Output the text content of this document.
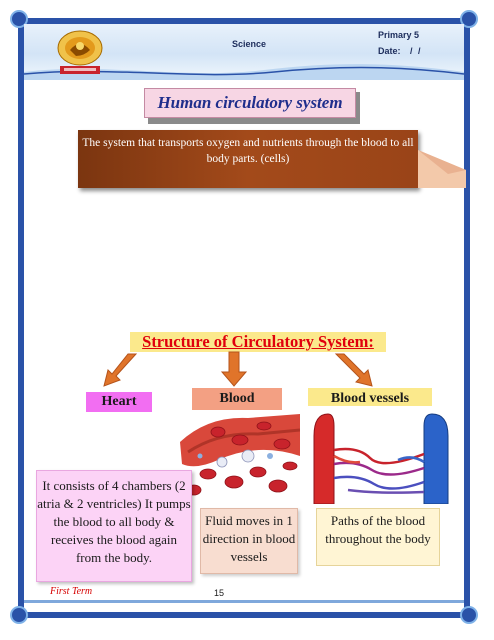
Science
Primary 5
Date: / /
Human circulatory system
The system that transports oxygen and nutrients through the blood to all body parts. (cells)
Structure of Circulatory System:
Heart	Blood	Blood vessels
It consists of 4 chambers (2 atria & 2 ventricles) It pumps the blood to all body & receives the blood again from the body.
Fluid moves in 1 direction in blood vessels
Paths of the blood throughout the body
First Term	15
